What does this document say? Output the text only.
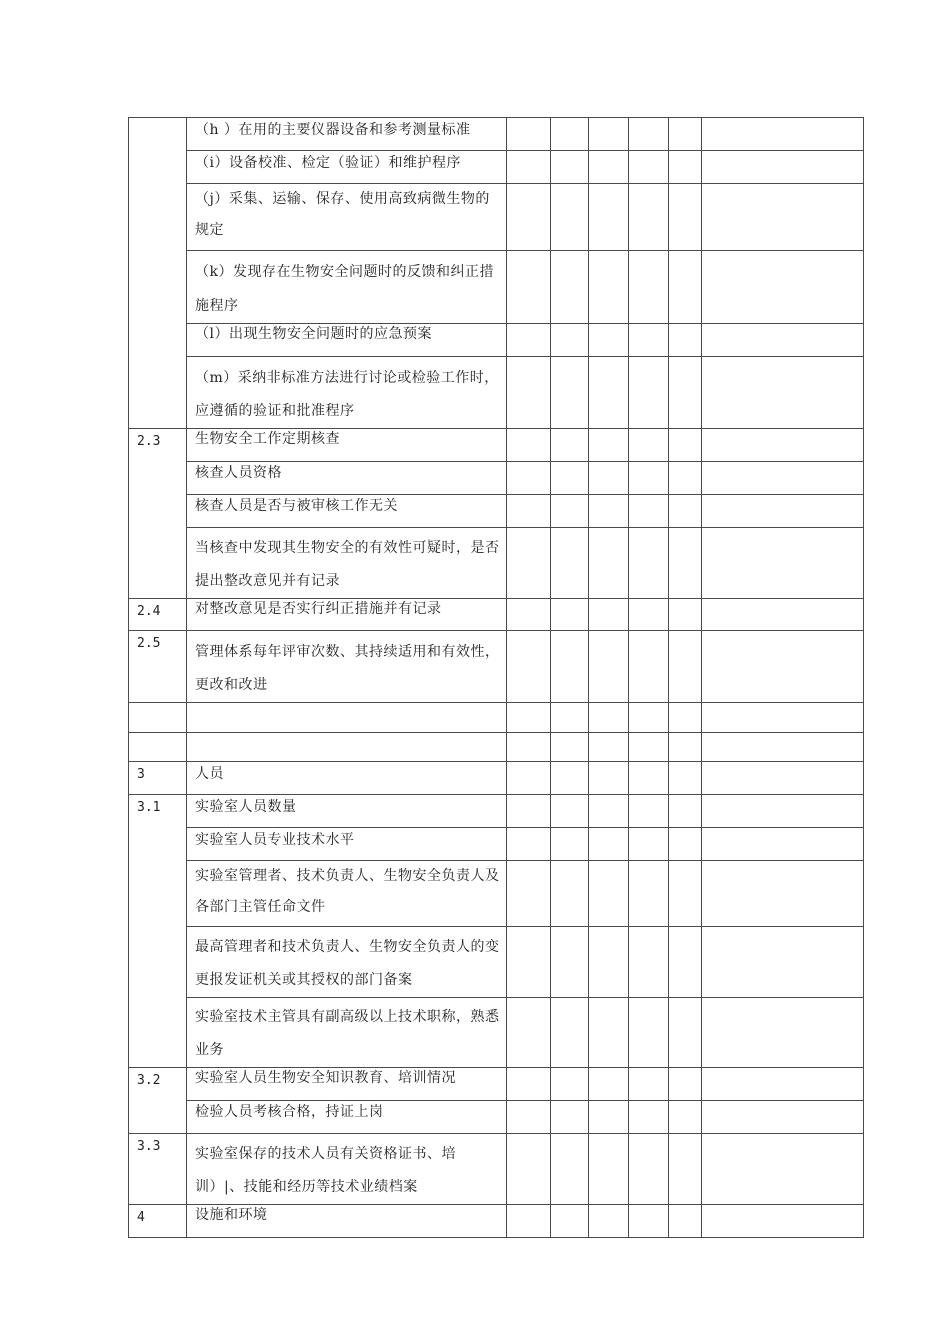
	（h ）在用的主要仪器设备和参考测量标准						
	（i）设备校准、检定（验证）和维护程序						
	（j）采集、运输、保存、使用高致病微生物的规定						
	（k）发现存在生物安全问题时的反馈和纠正措施程序						
	（l）出现生物安全问题时的应急预案						
	（m）采纳非标准方法进行讨论或检验工作时，应遵循的验证和批准程序						
2.3	生物安全工作定期核查						
	核查人员资格						
	核查人员是否与被审核工作无关						
	当核查中发现其生物安全的有效性可疑时，是否提出整改意见并有记录						
2.4	对整改意见是否实行纠正措施并有记录						
2.5	管理体系每年评审次数、其持续适用和有效性，更改和改进						

3	人员						
3.1	实验室人员数量						
	实验室人员专业技术水平						
	实验室管理者、技术负责人、生物安全负责人及各部门主管任命文件						
	最高管理者和技术负责人、生物安全负责人的变更报发证机关或其授权的部门备案						
	实验室技术主管具有副高级以上技术职称，熟悉业务						
3.2	实验室人员生物安全知识教育、培训情况						
	检验人员考核合格，持证上岗						
3.3	实验室保存的技术人员有关资格证书、培训）|、技能和经历等技术业绩档案						
4	设施和环境						
